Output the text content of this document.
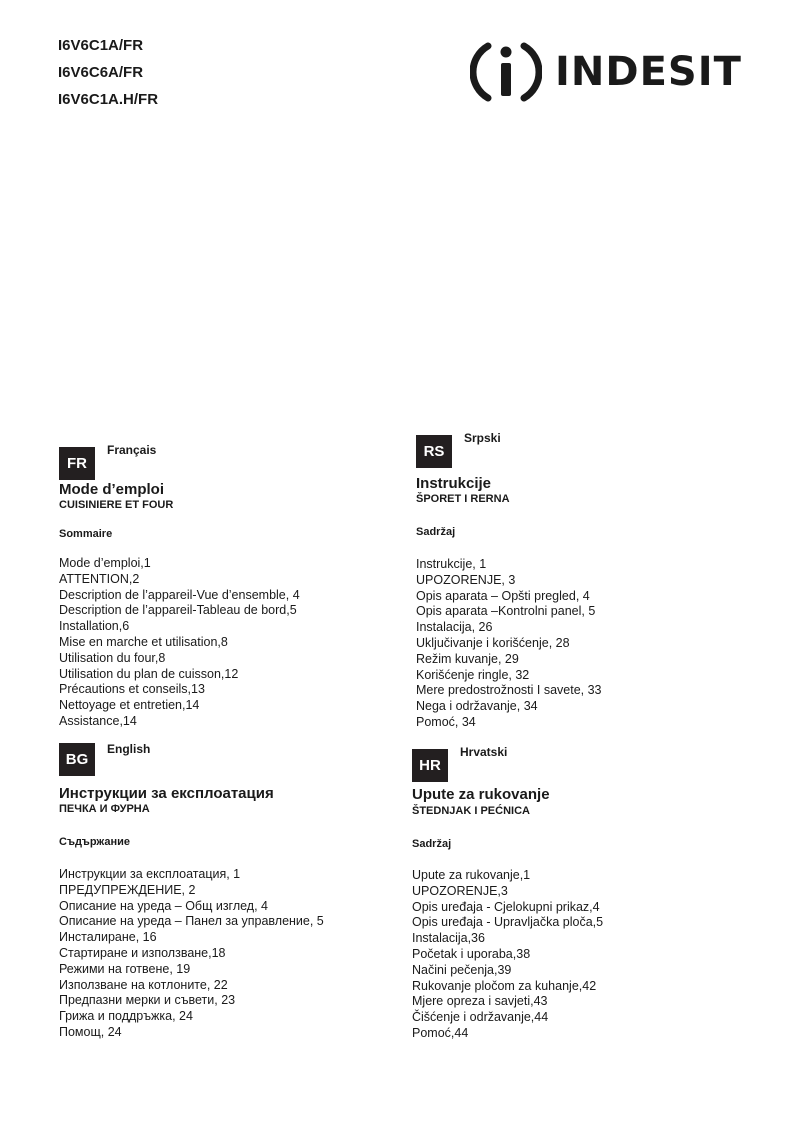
I6V6C1A/FR

I6V6C6A/FR

I6V6C1A.H/FR

INDESIT
FR
Français
Mode d’emploi
CUISINIERE ET FOUR
Sommaire
Mode d’emploi,1
ATTENTION,2
Description de l’appareil-Vue d’ensemble, 4
Description de l’appareil-Tableau de bord,5
Installation,6
Mise en marche et utilisation,8
Utilisation du four,8
Utilisation du plan de cuisson,12
Précautions et conseils,13
Nettoyage et entretien,14
Assistance,14
RS
Srpski
Instrukcije
ŠPORET I RERNA
Sadržaj
Instrukcije, 1
UPOZORENJE, 3
Opis aparata – Opšti pregled, 4
Opis aparata –Kontrolni panel, 5
Instalacija, 26
Uključivanje i korišćenje, 28
Režim kuvanje, 29
Korišćenje ringle, 32
Mere predostrožnosti I savete, 33
Nega i održavanje, 34
Pomoć, 34
BG
English
Инструкции за експлоатация
ПЕЧКА И ФУРНА
Съдържание
Инструкции за експлоатация, 1
ПРЕДУПРЕЖДЕНИЕ, 2
Описание на уреда – Общ изглед, 4
Описание на уреда – Панел за управление, 5
Инсталиране, 16
Стартиране и използване,18
Режими на готвене, 19
Използване на котлоните, 22
Предпазни мерки и съвети, 23
Грижа и поддръжка, 24
Помощ, 24
HR
Hrvatski
Upute za rukovanje
ŠTEDNJAK I PEĆNICA
Sadržaj
Upute za rukovanje,1
UPOZORENJE,3
Opis uređaja - Cjelokupni prikaz,4
Opis uređaja - Upravljačka ploča,5
Instalacija,36
Početak i uporaba,38
Načini pečenja,39
Rukovanje pločom za kuhanje,42
Mjere opreza i savjeti,43
Čišćenje i održavanje,44
Pomoć,44
